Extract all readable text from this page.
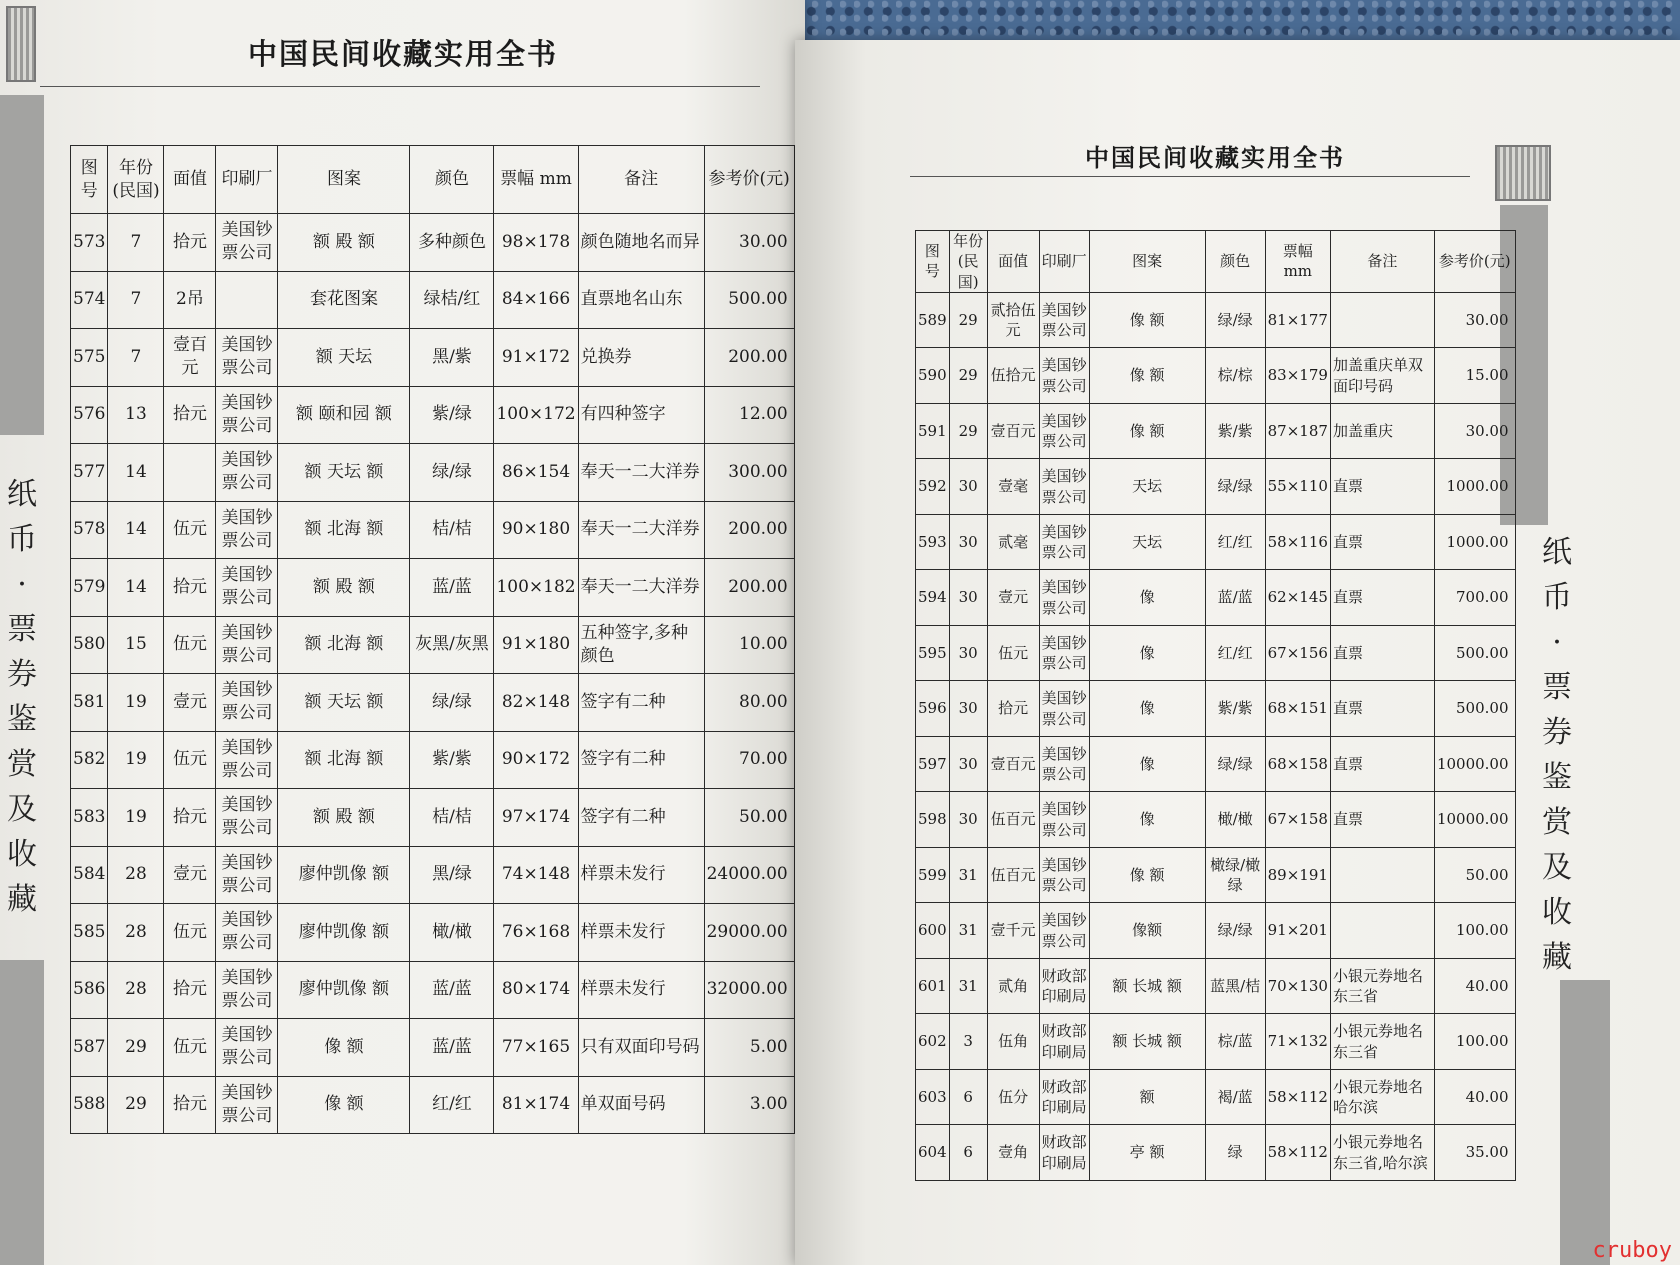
中国民间收藏实用全书
纸
币
·
票
券
鉴
赏
及
收
藏
图号	年份(民国)	面值	印刷厂	图案	颜色	票幅 mm	备注	参考价(元)
573	7	拾元	美国钞票公司	额 殿 额	多种颜色	98×178	颜色随地名而异	30.00
574	7	2吊		套花图案	绿桔/红	84×166	直票地名山东	500.00
575	7	壹百元	美国钞票公司	额 天坛	黑/紫	91×172	兑换券	200.00
576	13	拾元	美国钞票公司	额 颐和园 额	紫/绿	100×172	有四种签字	12.00
577	14		美国钞票公司	额 天坛 额	绿/绿	86×154	奉天一二大洋券	300.00
578	14	伍元	美国钞票公司	额 北海 额	桔/桔	90×180	奉天一二大洋券	200.00
579	14	拾元	美国钞票公司	额 殿 额	蓝/蓝	100×182	奉天一二大洋券	200.00
580	15	伍元	美国钞票公司	额 北海 额	灰黑/灰黑	91×180	五种签字,多种颜色	10.00
581	19	壹元	美国钞票公司	额 天坛 额	绿/绿	82×148	签字有二种	80.00
582	19	伍元	美国钞票公司	额 北海 额	紫/紫	90×172	签字有二种	70.00
583	19	拾元	美国钞票公司	额 殿 额	桔/桔	97×174	签字有二种	50.00
584	28	壹元	美国钞票公司	廖仲凯像 额	黑/绿	74×148	样票未发行	24000.00
585	28	伍元	美国钞票公司	廖仲凯像 额	橄/橄	76×168	样票未发行	29000.00
586	28	拾元	美国钞票公司	廖仲凯像 额	蓝/蓝	80×174	样票未发行	32000.00
587	29	伍元	美国钞票公司	像 额	蓝/蓝	77×165	只有双面印号码	5.00
588	29	拾元	美国钞票公司	像 额	红/红	81×174	单双面号码	3.00
中国民间收藏实用全书
纸
币
·
票
券
鉴
赏
及
收
藏
图号	年份(民国)	面值	印刷厂	图案	颜色	票幅 mm	备注	参考价(元)
589	29	贰拾伍元	美国钞票公司	像 额	绿/绿	81×177		30.00
590	29	伍拾元	美国钞票公司	像 额	棕/棕	83×179	加盖重庆单双面印号码	15.00
591	29	壹百元	美国钞票公司	像 额	紫/紫	87×187	加盖重庆	30.00
592	30	壹毫	美国钞票公司	天坛	绿/绿	55×110	直票	1000.00
593	30	贰毫	美国钞票公司	天坛	红/红	58×116	直票	1000.00
594	30	壹元	美国钞票公司	像	蓝/蓝	62×145	直票	700.00
595	30	伍元	美国钞票公司	像	红/红	67×156	直票	500.00
596	30	拾元	美国钞票公司	像	紫/紫	68×151	直票	500.00
597	30	壹百元	美国钞票公司	像	绿/绿	68×158	直票	10000.00
598	30	伍百元	美国钞票公司	像	橄/橄	67×158	直票	10000.00
599	31	伍百元	美国钞票公司	像 额	橄绿/橄绿	89×191		50.00
600	31	壹千元	美国钞票公司	像额	绿/绿	91×201		100.00
601	31	贰角	财政部印刷局	额 长城 额	蓝黑/桔	70×130	小银元券地名东三省	40.00
602	3	伍角	财政部印刷局	额 长城 额	棕/蓝	71×132	小银元券地名东三省	100.00
603	6	伍分	财政部印刷局	额	褐/蓝	58×112	小银元券地名哈尔滨	40.00
604	6	壹角	财政部印刷局	亭 额	绿	58×112	小银元券地名东三省,哈尔滨	35.00
cruboy
